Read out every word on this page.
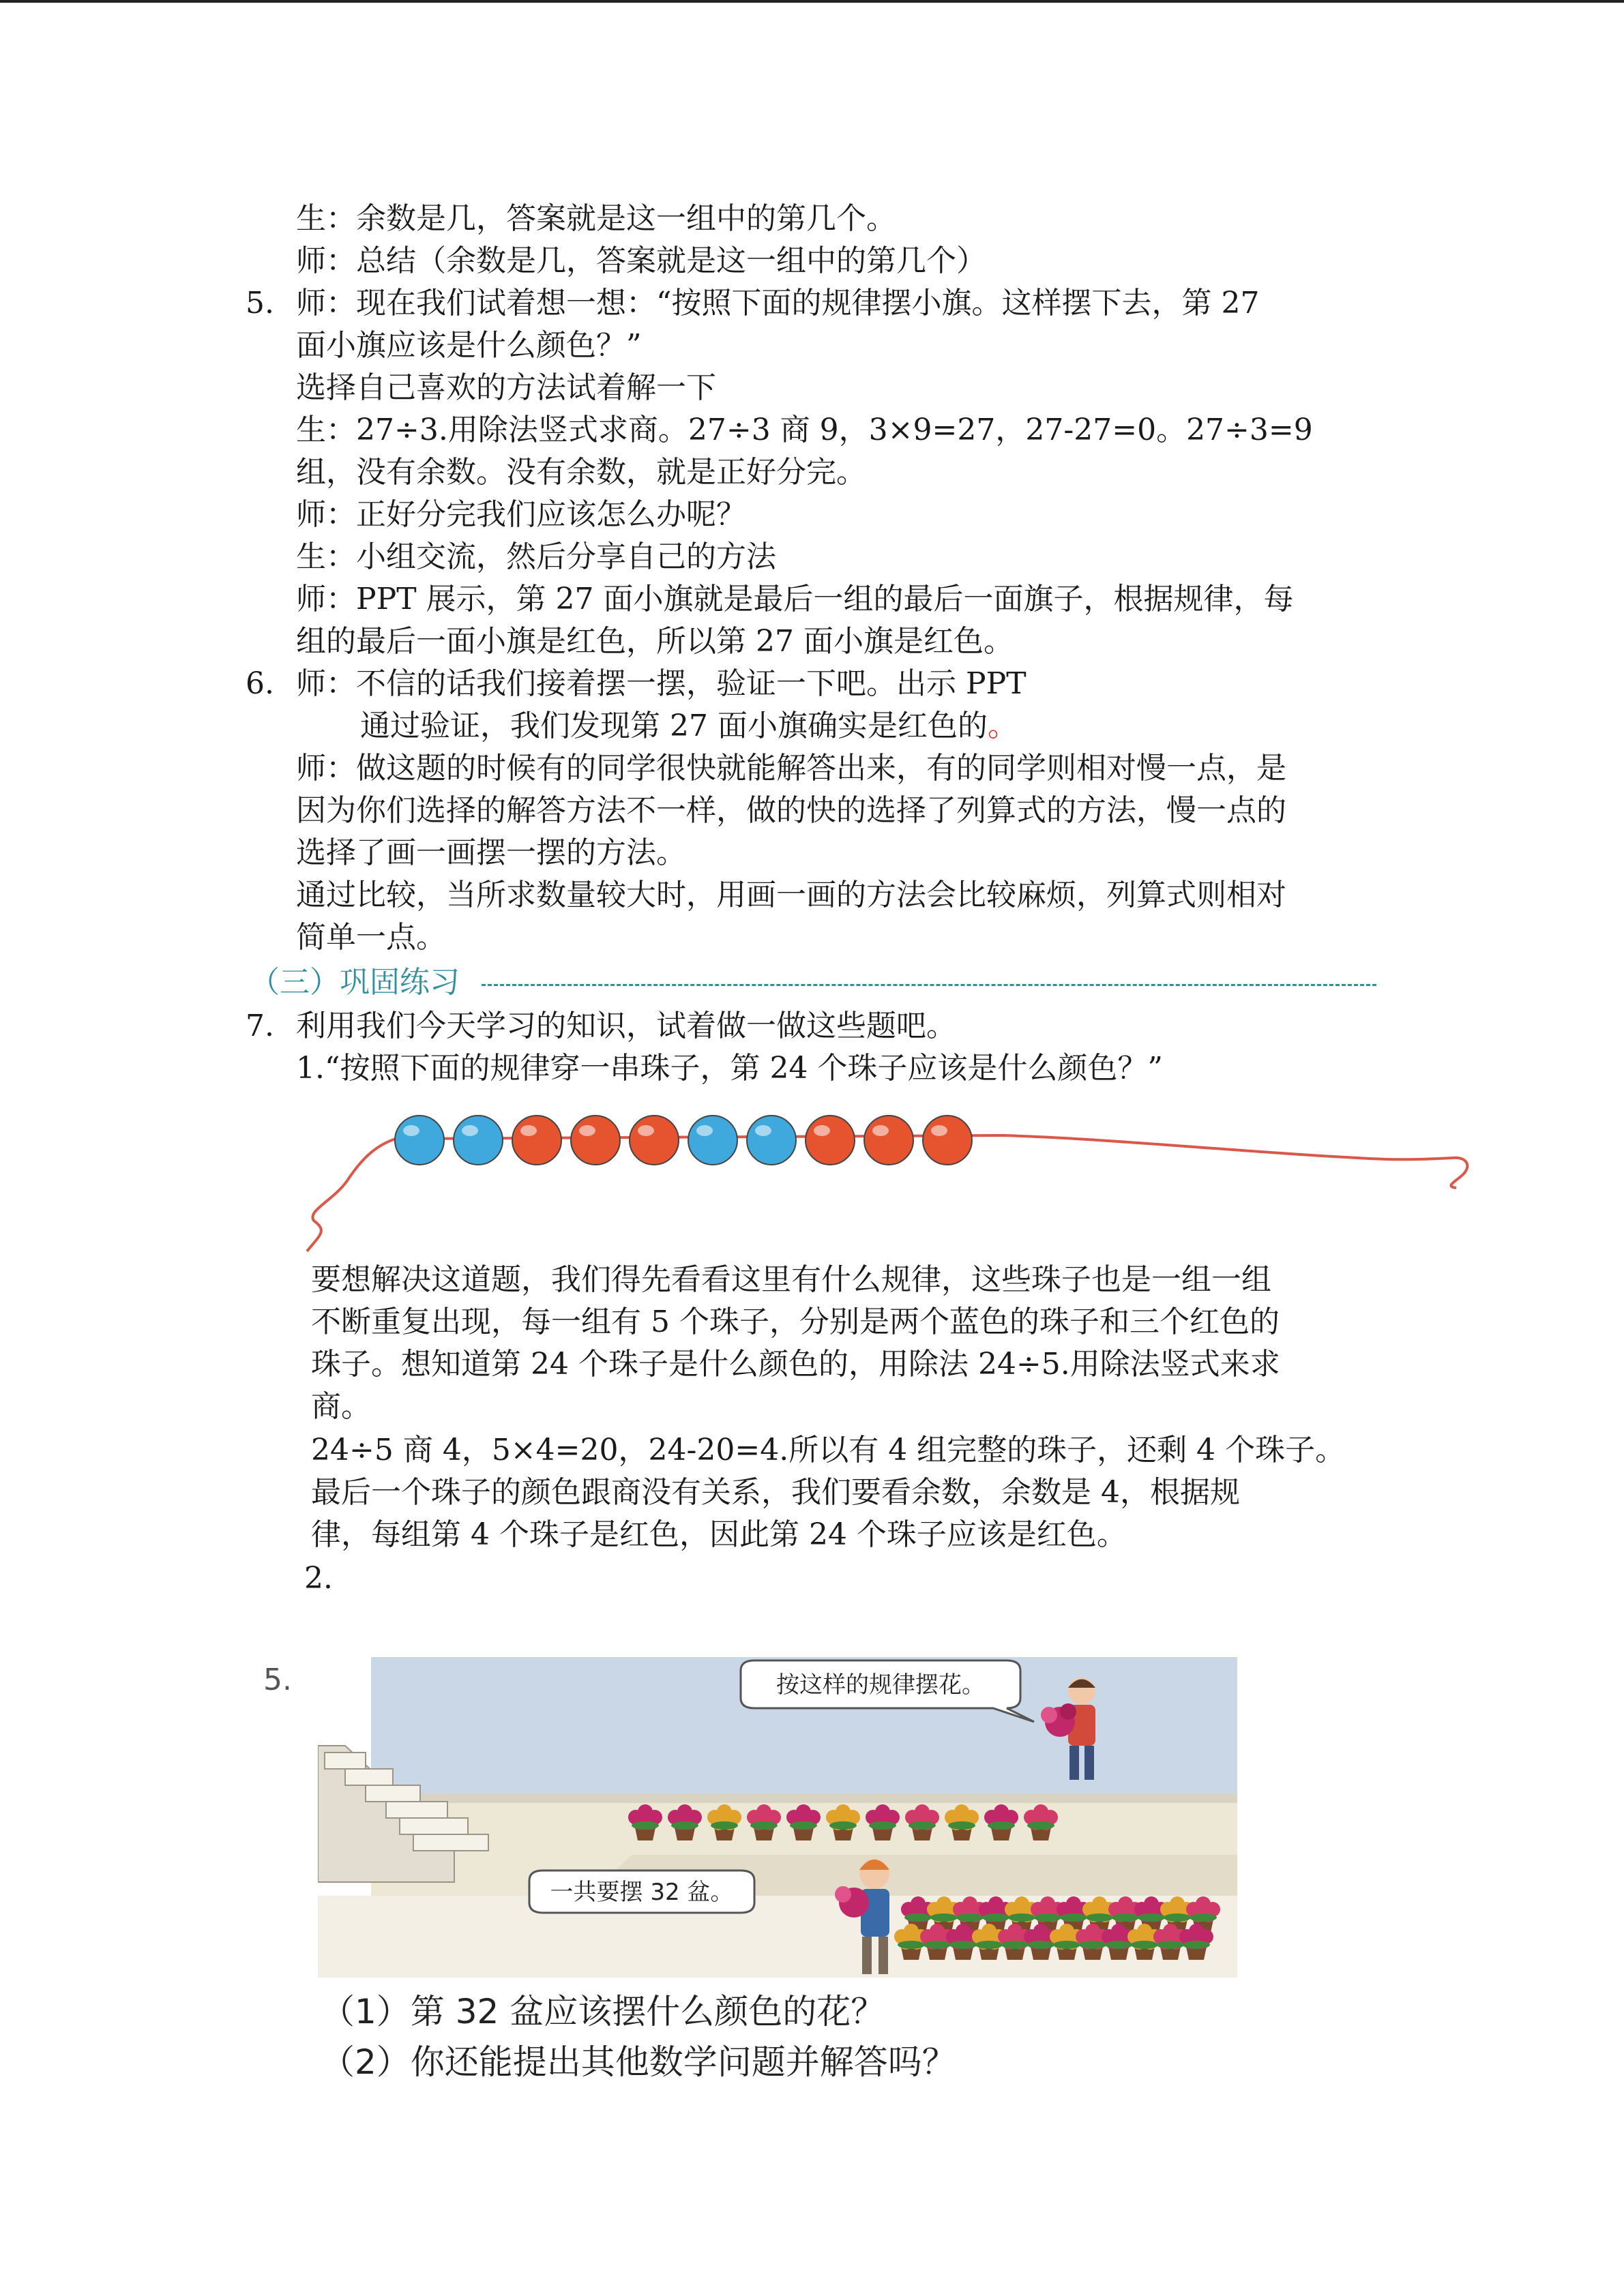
生：余数是几，答案就是这一组中的第几个。
师：总结（余数是几，答案就是这一组中的第几个）
5. 师：现在我们试着想一想：“按照下面的规律摆小旗。这样摆下去，第 27
面小旗应该是什么颜色？”
选择自己喜欢的方法试着解一下
生：27÷3.用除法竖式求商。27÷3 商 9，3×9=27，27-27=0。27÷3=9
组，没有余数。没有余数，就是正好分完。
师：正好分完我们应该怎么办呢？
生：小组交流，然后分享自己的方法
师：PPT 展示，第 27 面小旗就是最后一组的最后一面旗子，根据规律，每
组的最后一面小旗是红色，所以第 27 面小旗是红色。
6. 师：不信的话我们接着摆一摆，验证一下吧。出示 PPT
通过验证，我们发现第 27 面小旗确实是红色的。
师：做这题的时候有的同学很快就能解答出来，有的同学则相对慢一点，是
因为你们选择的解答方法不一样，做的快的选择了列算式的方法，慢一点的
选择了画一画摆一摆的方法。
通过比较，当所求数量较大时，用画一画的方法会比较麻烦，列算式则相对
简单一点。
（三）巩固练习
7. 利用我们今天学习的知识，试着做一做这些题吧。
1.“按照下面的规律穿一串珠子，第 24 个珠子应该是什么颜色？”
要想解决这道题，我们得先看看这里有什么规律，这些珠子也是一组一组
不断重复出现，每一组有 5 个珠子，分别是两个蓝色的珠子和三个红色的
珠子。想知道第 24 个珠子是什么颜色的，用除法 24÷5.用除法竖式来求
商。
24÷5 商 4，5×4=20，24-20=4.所以有 4 组完整的珠子，还剩 4 个珠子。
最后一个珠子的颜色跟商没有关系，我们要看余数，余数是 4，根据规
律，每组第 4 个珠子是红色，因此第 24 个珠子应该是红色。
2.
5.	按这样的规律摆花。
一共要摆 32 盆。
（1）第 32 盆应该摆什么颜色的花？
（2）你还能提出其他数学问题并解答吗？
